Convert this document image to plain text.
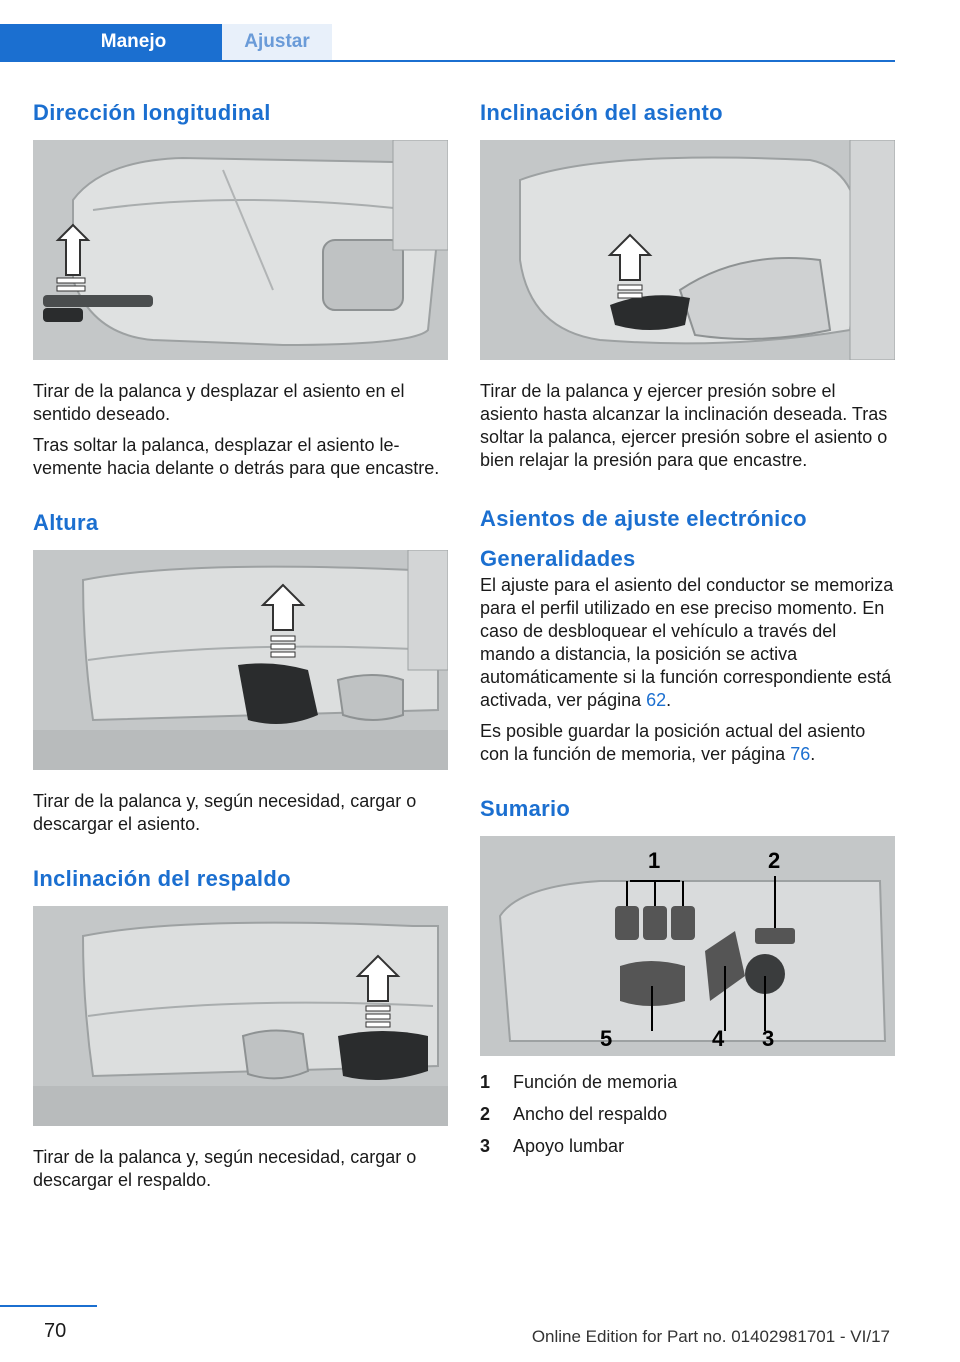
Manejo	Ajustar
Dirección longitudinal

Tirar de la palanca y desplazar el asiento en el sentido deseado.

Tras soltar la palanca, desplazar el asiento levemente hacia delante o detrás para que encastre.

Altura

Tirar de la palanca y, según necesidad, cargar o descargar el asiento.

Inclinación del respaldo

Tirar de la palanca y, según necesidad, cargar o descargar el respaldo.

Inclinación del asiento

Tirar de la palanca y ejercer presión sobre el asiento hasta alcanzar la inclinación deseada. Tras soltar la palanca, ejercer presión sobre el asiento o bien relajar la presión para que encastre.

Asientos de ajuste electrónico
Generalidades

El ajuste para el asiento del conductor se memoriza para el perfil utilizado en ese preciso momento. En caso de desbloquear el vehículo a través del mando a distancia, la posición se activa automáticamente si la función correspondiente está activada, ver página 62.

Es posible guardar la posición actual del asiento con la función de memoria, ver página 76.

Sumario
1	2
5	4 3
1	Función de memoria
2	Ancho del respaldo
3	Apoyo lumbar
70	Online Edition for Part no. 01402981701 - VI/17
